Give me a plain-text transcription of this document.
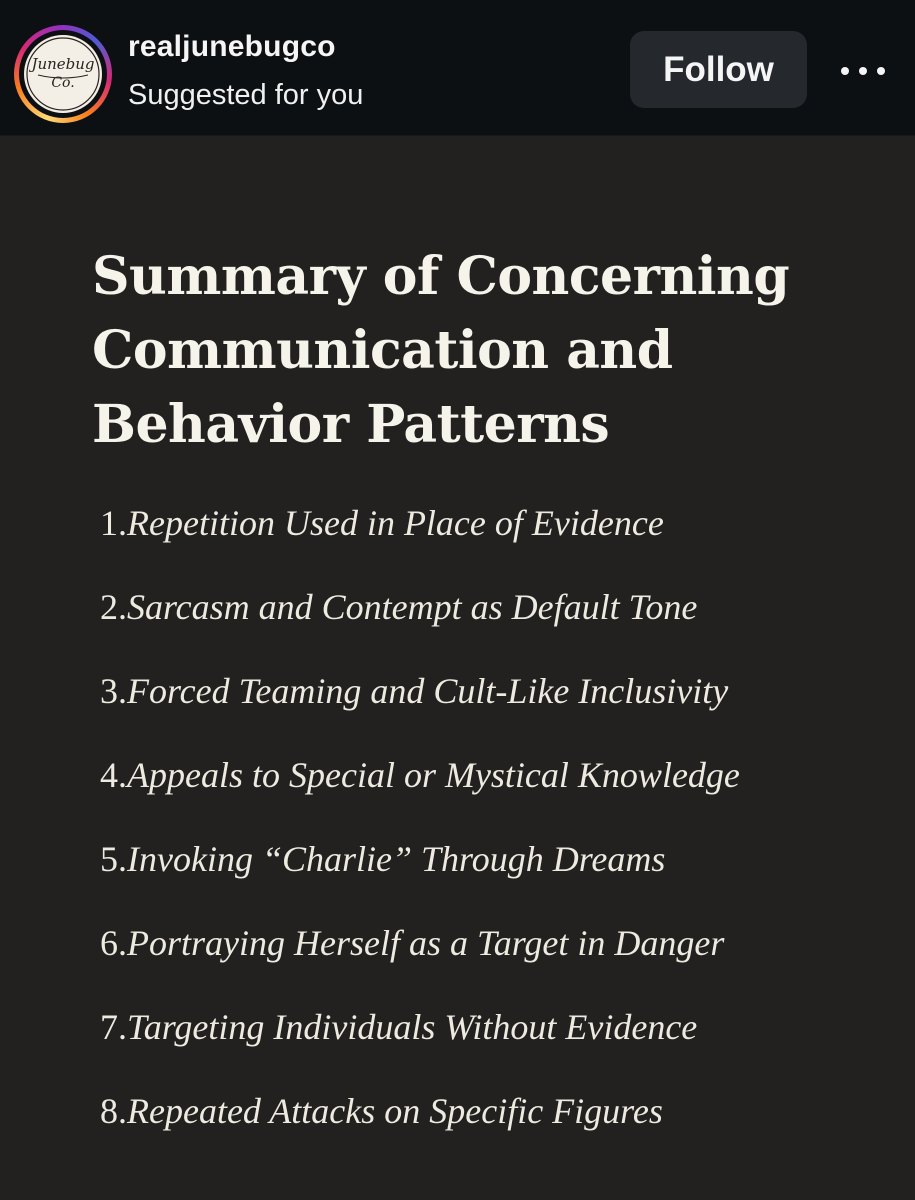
Junebug
Co.
realjunebugco
Suggested for you
Follow
Summary of Concerning Communication and Behavior Patterns
1.Repetition Used in Place of Evidence
2.Sarcasm and Contempt as Default Tone
3.Forced Teaming and Cult-Like Inclusivity
4.Appeals to Special or Mystical Knowledge
5.Invoking “Charlie” Through Dreams
6.Portraying Herself as a Target in Danger
7.Targeting Individuals Without Evidence
8.Repeated Attacks on Specific Figures
